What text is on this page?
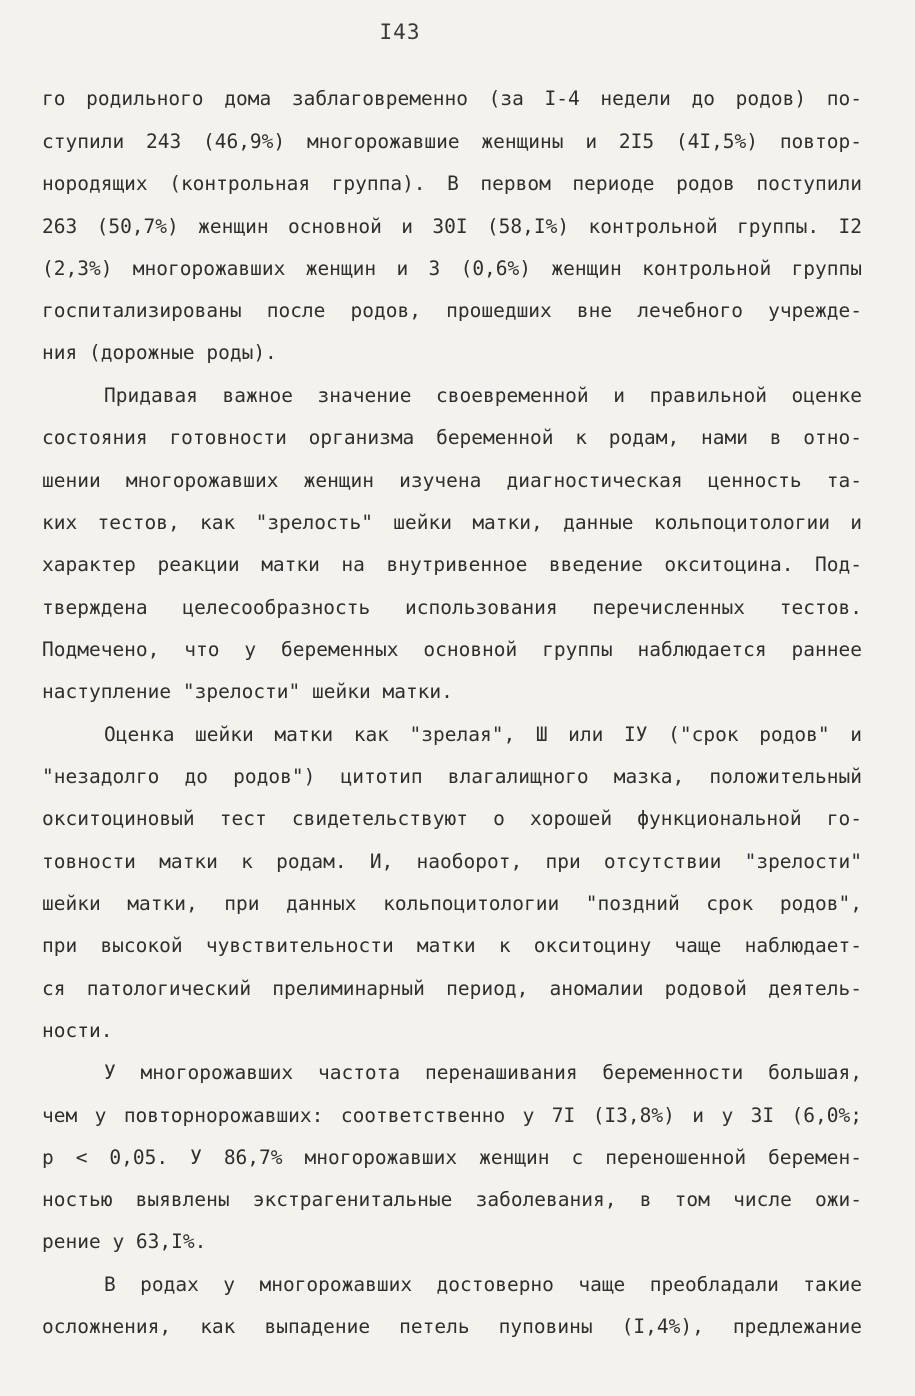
I43
го родильного дома заблаговременно (за I-4 недели до родов) по-
ступили 243 (46,9%) многорожавшие женщины и 2I5 (4I,5%) повтор-
нородящих (контрольная группа). В первом периоде родов поступили
263 (50,7%) женщин основной и 30I (58,I%) контрольной группы. I2
(2,3%) многорожавших женщин и 3 (0,6%) женщин контрольной группы
госпитализированы после родов, прошедших вне лечебного учрежде-
ния (дорожные роды).
Придавая важное значение своевременной и правильной оценке
состояния готовности организма беременной к родам, нами в отно-
шении многорожавших женщин изучена диагностическая ценность та-
ких тестов, как "зрелость" шейки матки, данные кольпоцитологии и
характер реакции матки на внутривенное введение окситоцина. Под-
тверждена целесообразность использования перечисленных тестов.
Подмечено, что у беременных основной группы наблюдается раннее
наступление "зрелости" шейки матки.
Оценка шейки матки как "зрелая", Ш или IУ ("срок родов" и
"незадолго до родов") цитотип влагалищного мазка, положительный
окситоциновый тест свидетельствуют о хорошей функциональной го-
товности матки к родам. И, наоборот, при отсутствии "зрелости"
шейки матки, при данных кольпоцитологии "поздний срок родов",
при высокой чувствительности матки к окситоцину чаще наблюдает-
ся патологический прелиминарный период, аномалии родовой деятель-
ности.
У многорожавших частота перенашивания беременности большая,
чем у повторнорожавших: соответственно у 7I (I3,8%) и у 3I (6,0%;
р < 0,05. У 86,7% многорожавших женщин с переношенной беремен-
ностью выявлены экстрагенитальные заболевания, в том числе ожи-
рение у 63,I%.
В родах у многорожавших достоверно чаще преобладали такие
осложнения, как выпадение петель пуповины (I,4%), предлежание
